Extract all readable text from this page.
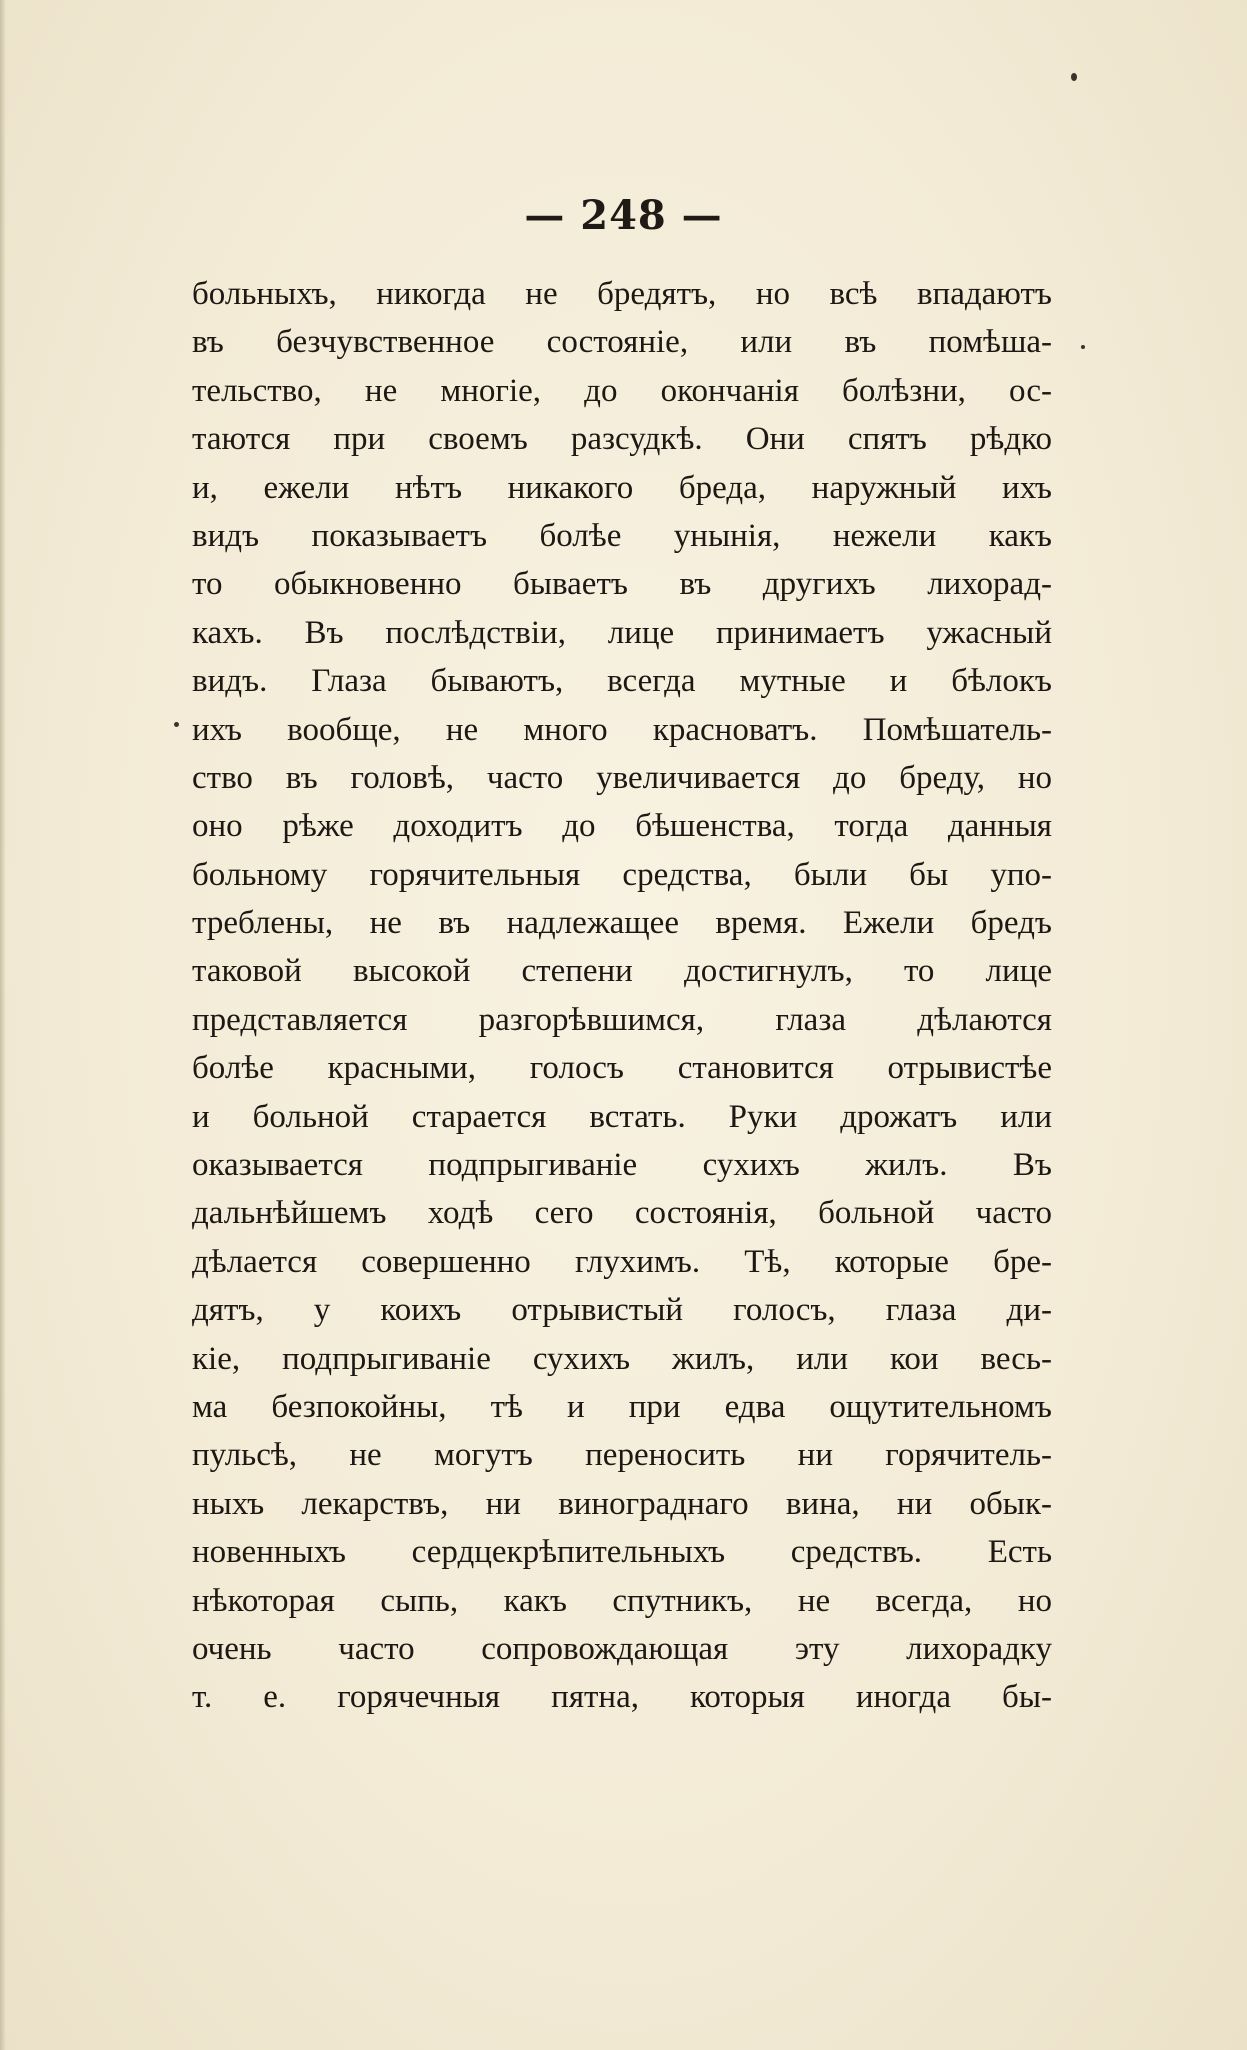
— 248 —
больныхъ, никогда не бредятъ, но всѣ впадаютъ
въ безчувственное состоянiе, или въ помѣша-
тельство, не многiе, до окончанiя болѣзни, ос-
таются при своемъ разсудкѣ. Они спятъ рѣдко
и, ежели нѣтъ никакого бреда, наружный ихъ
видъ показываетъ болѣе унынiя, нежели какъ
то обыкновенно бываетъ въ другихъ лихорад-
кахъ. Въ послѣдствiи, лице принимаетъ ужасный
видъ. Глаза бываютъ, всегда мутные и бѣлокъ
ихъ вообще, не много красноватъ. Помѣшатель-
ство въ головѣ, часто увеличивается до бреду, но
оно рѣже доходитъ до бѣшенства, тогда данныя
больному горячительныя средства, были бы упо-
треблены, не въ надлежащее время. Ежели бредъ
таковой высокой степени достигнулъ, то лице
представляется разгорѣвшимся, глаза дѣлаются
болѣе красными, голосъ становится отрывистѣе
и больной старается встать. Руки дрожатъ или
оказывается подпрыгиванiе сухихъ жилъ. Въ
дальнѣйшемъ ходѣ сего состоянiя, больной часто
дѣлается совершенно глухимъ. Тѣ, которые бре-
дятъ, у коихъ отрывистый голосъ, глаза ди-
кiе, подпрыгиванiе сухихъ жилъ, или кои весь-
ма безпокойны, тѣ и при едва ощутительномъ
пульсѣ, не могутъ переносить ни горячитель-
ныхъ лекарствъ, ни винограднаго вина, ни обык-
новенныхъ сердцекрѣпительныхъ средствъ. Есть
нѣкоторая сыпь, какъ спутникъ, не всегда, но
очень часто сопровождающая эту лихорадку
т. е. горячечныя пятна, которыя иногда бы-
